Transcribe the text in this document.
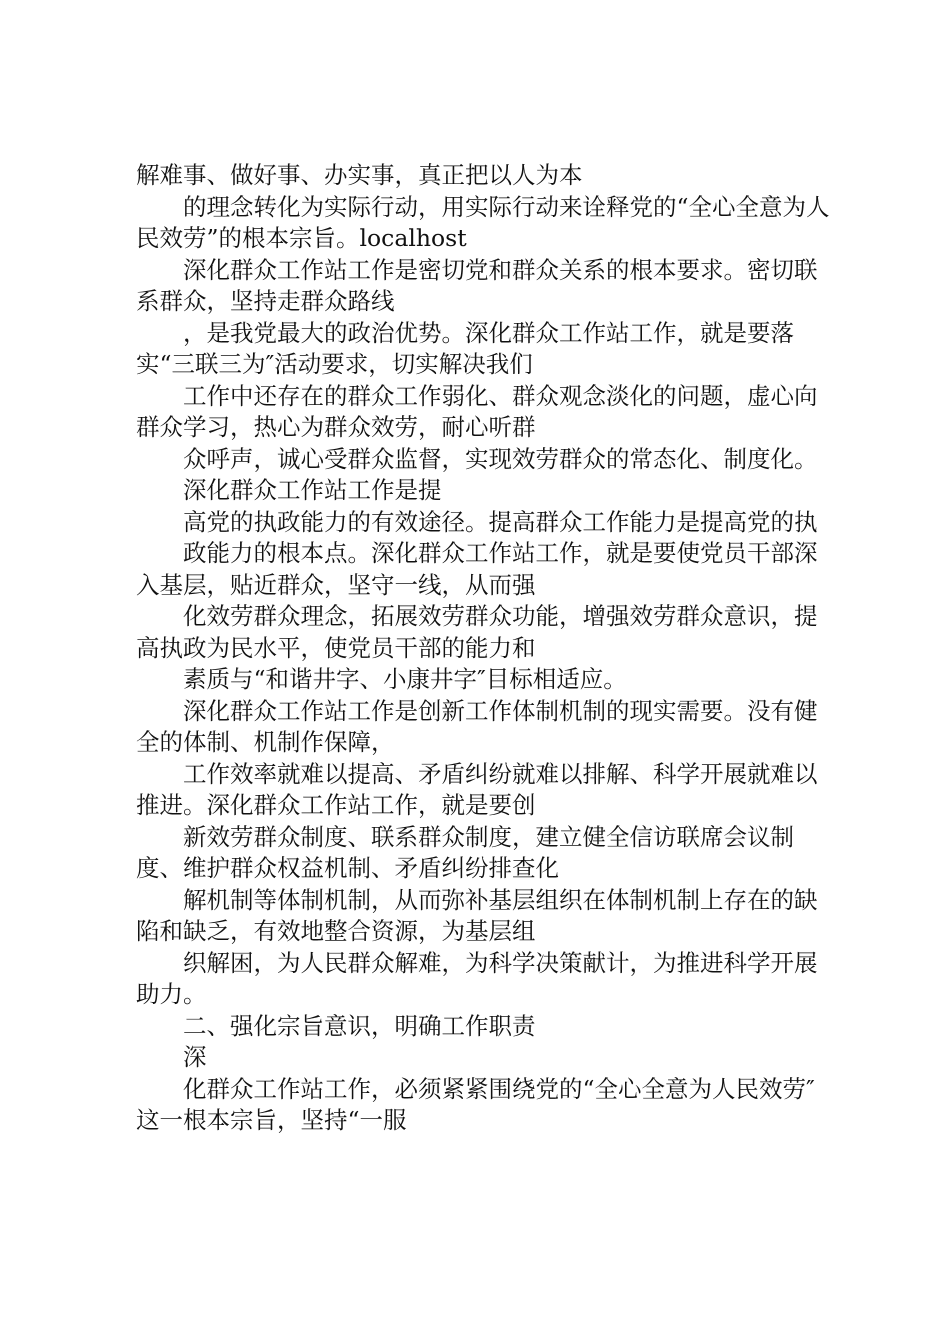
解难事、做好事、办实事，真正把以人为本

的理念转化为实际行动，用实际行动来诠释党的“全心全意为人民效劳”的根本宗旨。localhost

深化群众工作站工作是密切党和群众关系的根本要求。密切联系群众，坚持走群众路线

，是我党最大的政治优势。深化群众工作站工作，就是要落实“三联三为″活动要求，切实解决我们

工作中还存在的群众工作弱化、群众观念淡化的问题，虚心向群众学习，热心为群众效劳，耐心听群

众呼声，诚心受群众监督，实现效劳群众的常态化、制度化。

深化群众工作站工作是提

高党的执政能力的有效途径。提高群众工作能力是提高党的执

政能力的根本点。深化群众工作站工作，就是要使党员干部深入基层，贴近群众，坚守一线，从而强

化效劳群众理念，拓展效劳群众功能，增强效劳群众意识，提高执政为民水平，使党员干部的能力和

素质与“和谐井字、小康井字″目标相适应。

深化群众工作站工作是创新工作体制机制的现实需要。没有健全的体制、机制作保障，

工作效率就难以提高、矛盾纠纷就难以排解、科学开展就难以推进。深化群众工作站工作，就是要创

新效劳群众制度、联系群众制度，建立健全信访联席会议制度、维护群众权益机制、矛盾纠纷排查化

解机制等体制机制，从而弥补基层组织在体制机制上存在的缺陷和缺乏，有效地整合资源，为基层组

织解困，为人民群众解难，为科学决策献计，为推进科学开展助力。

二、强化宗旨意识，明确工作职责

深

化群众工作站工作，必须紧紧围绕党的“全心全意为人民效劳″这一根本宗旨，坚持“一服
